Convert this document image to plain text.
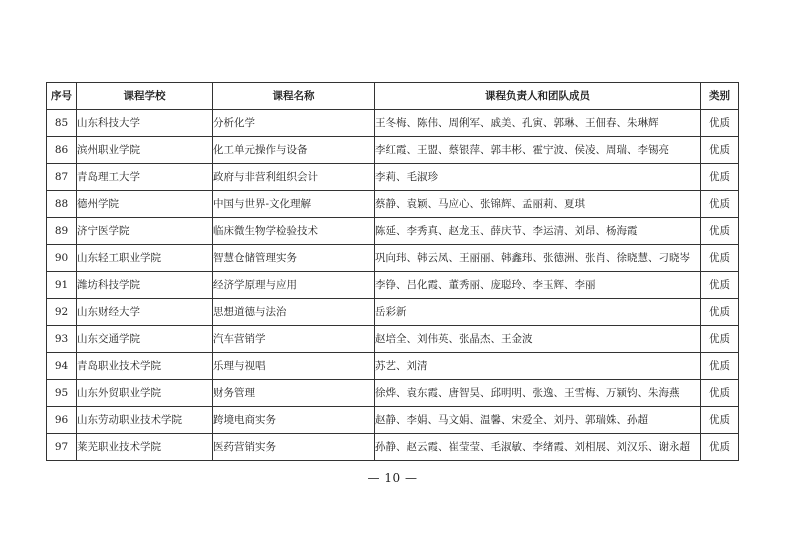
序号	课程学校	课程名称	课程负责人和团队成员	类别
85	山东科技大学	分析化学	王冬梅、陈伟、周俐军、戚美、孔寅、郭琳、王佃春、朱琳辉	优质
86	滨州职业学院	化工单元操作与设备	李红霞、王盟、蔡银萍、郭丰彬、霍宁波、侯凌、周瑞、李锡亮	优质
87	青岛理工大学	政府与非营利组织会计	李莉、毛淑珍	优质
88	德州学院	中国与世界-文化理解	蔡静、袁颖、马应心、张锦辉、孟丽莉、夏琪	优质
89	济宁医学院	临床微生物学检验技术	陈延、李秀真、赵龙玉、薛庆节、李运清、刘昂、杨海霞	优质
90	山东轻工职业学院	智慧仓储管理实务	巩向玮、韩云凤、王丽丽、韩鑫玮、张德洲、张肖、徐晓慧、刁晓岑	优质
91	潍坊科技学院	经济学原理与应用	李铮、吕化霞、董秀丽、庞聪玲、李玉辉、李丽	优质
92	山东财经大学	思想道德与法治	岳彩新	优质
93	山东交通学院	汽车营销学	赵培全、刘伟英、张晶杰、王金波	优质
94	青岛职业技术学院	乐理与视唱	苏艺、刘清	优质
95	山东外贸职业学院	财务管理	徐烨、袁东霞、唐智昊、邱明明、张逸、王雪梅、万颍钧、朱海燕	优质
96	山东劳动职业技术学院	跨境电商实务	赵静、李娟、马文娟、温馨、宋爱全、刘丹、郭瑞姝、孙超	优质
97	莱芜职业技术学院	医药营销实务	孙静、赵云霞、崔莹莹、毛淑敏、李绪霞、刘相展、刘汉乐、谢永超	优质
— 10 —
